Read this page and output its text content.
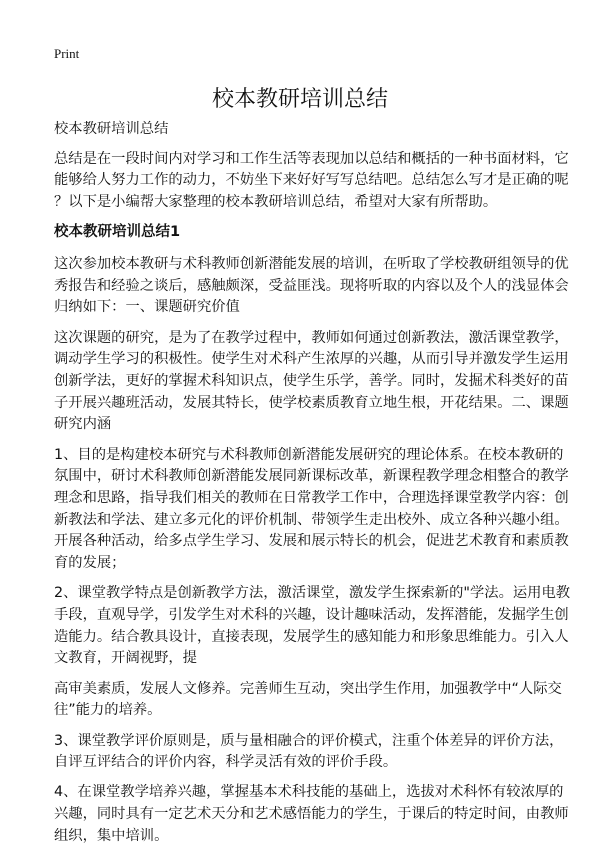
Print
校本教研培训总结
校本教研培训总结
总结是在一段时间内对学习和工作生活等表现加以总结和概括的一种书面材料，它
能够给人努力工作的动力，不妨坐下来好好写写总结吧。总结怎么写才是正确的呢
？以下是小编帮大家整理的校本教研培训总结，希望对大家有所帮助。
校本教研培训总结1
这次参加校本教研与术科教师创新潜能发展的培训，在听取了学校教研组领导的优
秀报告和经验之谈后，感触颇深，受益匪浅。现将听取的内容以及个人的浅显体会
归纳如下：一、课题研究价值
这次课题的研究，是为了在教学过程中，教师如何通过创新教法，激活课堂教学，
调动学生学习的积极性。使学生对术科产生浓厚的兴趣，从而引导并激发学生运用
创新学法，更好的掌握术科知识点，使学生乐学，善学。同时，发掘术科类好的苗
子开展兴趣班活动，发展其特长，使学校素质教育立地生根，开花结果。二、课题
研究内涵
1、目的是构建校本研究与术科教师创新潜能发展研究的理论体系。在校本教研的
氛围中，研讨术科教师创新潜能发展同新课标改革，新课程教学理念相整合的教学
理念和思路，指导我们相关的教师在日常教学工作中，合理选择课堂教学内容：创
新教法和学法、建立多元化的评价机制、带领学生走出校外、成立各种兴趣小组。
开展各种活动，给多点学生学习、发展和展示特长的机会，促进艺术教育和素质教
育的发展；
2、课堂教学特点是创新教学方法，激活课堂，激发学生探索新的"学法。运用电教
手段，直观导学，引发学生对术科的兴趣，设计趣味活动，发挥潜能，发掘学生创
造能力。结合教具设计，直接表现，发展学生的感知能力和形象思维能力。引入人
文教育，开阔视野，提
高审美素质，发展人文修养。完善师生互动，突出学生作用，加强教学中“人际交
往”能力的培养。
3、课堂教学评价原则是，质与量相融合的评价模式，注重个体差异的评价方法，
自评互评结合的评价内容，科学灵活有效的评价手段。
4、在课堂教学培养兴趣，掌握基本术科技能的基础上，选拔对术科怀有较浓厚的
兴趣，同时具有一定艺术天分和艺术感悟能力的学生，于课后的特定时间，由教师
组织，集中培训。
